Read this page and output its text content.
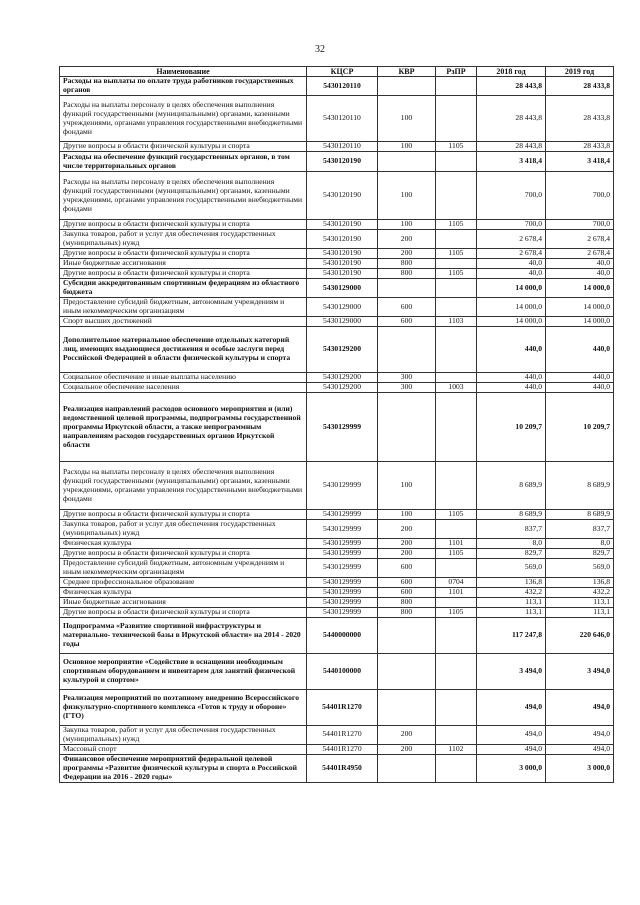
32
Наименование	КЦСР	КВР	РзПР	2018 год	2019 год
Расходы на выплаты по оплате труда работников государственных органов	5430120110			28 443,8	28 433,8
Расходы на выплаты персоналу в целях обеспечения выполнения функций государственными (муниципальными) органами, казенными учреждениями, органами управления государственными внебюджетными фондами	5430120110	100		28 443,8	28 433,8
Другие вопросы в области физической культуры и спорта	5430120110	100	1105	28 443,8	28 433,8
Расходы на обеспечение функций государственных органов, в том числе территориальных органов	5430120190			3 418,4	3 418,4
Расходы на выплаты персоналу в целях обеспечения выполнения функций государственными (муниципальными) органами, казенными учреждениями, органами управления государственными внебюджетными фондами	5430120190	100		700,0	700,0
Другие вопросы в области физической культуры и спорта	5430120190	100	1105	700,0	700,0
Закупка товаров, работ и услуг для обеспечения государственных (муниципальных) нужд	5430120190	200		2 678,4	2 678,4
Другие вопросы в области физической культуры и спорта	5430120190	200	1105	2 678,4	2 678,4
Иные бюджетные ассигнования	5430120190	800		40,0	40,0
Другие вопросы в области физической культуры и спорта	5430120190	800	1105	40,0	40,0
Субсидии аккредитованным спортивным федерациям из областного бюджета	5430129000			14 000,0	14 000,0
Предоставление субсидий бюджетным, автономным учреждениям и иным некоммерческим организациям	5430129000	600		14 000,0	14 000,0
Спорт высших достижений	5430129000	600	1103	14 000,0	14 000,0
Дополнительное материальное обеспечение отдельных категорий лиц, имеющих выдающиеся достижения и особые заслуги перед Российской Федерацией в области физической культуры и спорта	5430129200			440,0	440,0
Социальное обеспечение и иные выплаты населению	5430129200	300		440,0	440,0
Социальное обеспечение населения	5430129200	300	1003	440,0	440,0
Реализация направлений расходов основного мероприятия и (или) ведомственной целевой программы, подпрограммы государственной программы Иркутской области, а также непрограммным направлениям расходов государственных органов Иркутской области	5430129999			10 209,7	10 209,7
Расходы на выплаты персоналу в целях обеспечения выполнения функций государственными (муниципальными) органами, казенными учреждениями, органами управления государственными внебюджетными фондами	5430129999	100		8 689,9	8 689,9
Другие вопросы в области физической культуры и спорта	5430129999	100	1105	8 689,9	8 689,9
Закупка товаров, работ и услуг для обеспечения государственных (муниципальных) нужд	5430129999	200		837,7	837,7
Физическая культура	5430129999	200	1101	8,0	8,0
Другие вопросы в области физической культуры и спорта	5430129999	200	1105	829,7	829,7
Предоставление субсидий бюджетным, автономным учреждениям и иным некоммерческим организациям	5430129999	600		569,0	569,0
Среднее профессиональное образование	5430129999	600	0704	136,8	136,8
Физическая культура	5430129999	600	1101	432,2	432,2
Иные бюджетные ассигнования	5430129999	800		113,1	113,1
Другие вопросы в области физической культуры и спорта	5430129999	800	1105	113,1	113,1
Подпрограмма «Развитие спортивной инфраструктуры и материально- технической базы в Иркутской области» на 2014 - 2020 годы	5440000000			117 247,8	220 646,0
Основное мероприятие «Содействие в оснащении необходимым спортивным оборудованием и инвентарем для занятий физической культурой и спортом»	5440100000			3 494,0	3 494,0
Реализация мероприятий по поэтапному внедрению Всероссийского физкультурно-спортивного комплекса «Готов к труду и обороне» (ГТО)	54401R1270			494,0	494,0
Закупка товаров, работ и услуг для обеспечения государственных (муниципальных) нужд	54401R1270	200		494,0	494,0
Массовый спорт	54401R1270	200	1102	494,0	494,0
Финансовое обеспечение мероприятий федеральной целевой программы «Развитие физической культуры и спорта в Российской Федерации на 2016 - 2020 годы»	54401R4950			3 000,0	3 000,0
